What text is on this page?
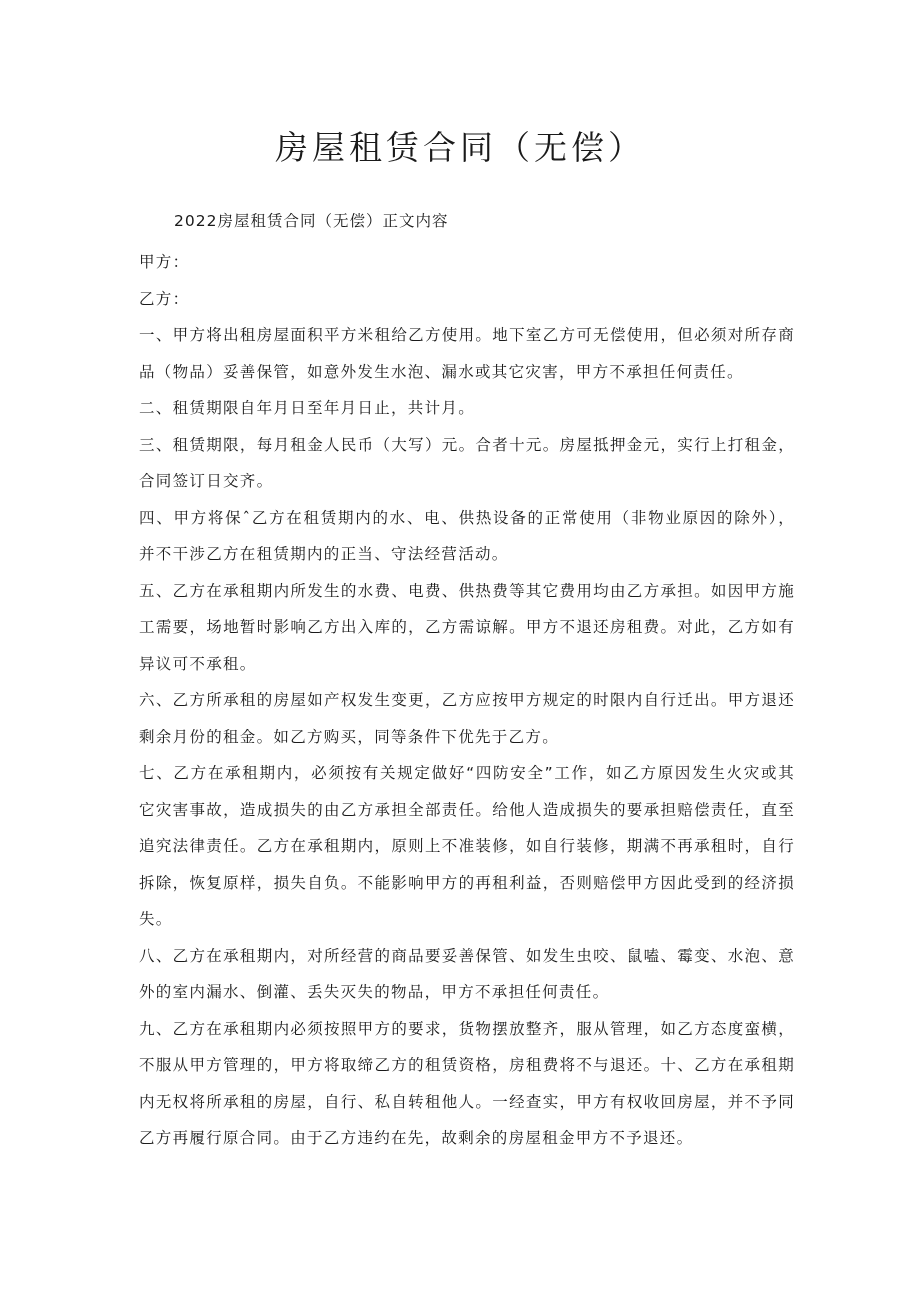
房屋租赁合同（无偿）

2022房屋租赁合同（无偿）正文内容

甲方：

乙方：

一、甲方将出租房屋面积平方米租给乙方使用。地下室乙方可无偿使用，但必须对所存商品（物品）妥善保管，如意外发生水泡、漏水或其它灾害，甲方不承担任何责任。

二、租赁期限自年月日至年月日止，共计月。

三、租赁期限，每月租金人民币（大写）元。合者十元。房屋抵押金元，实行上打租金，合同签订日交齐。

四、甲方将保ˆ乙方在租赁期内的水、电、供热设备的正常使用（非物业原因的除外），并不干涉乙方在租赁期内的正当、守法经营活动。

五、乙方在承租期内所发生的水费、电费、供热费等其它费用均由乙方承担。如因甲方施工需要，场地暂时影响乙方出入库的，乙方需谅解。甲方不退还房租费。对此，乙方如有异议可不承租。

六、乙方所承租的房屋如产权发生变更，乙方应按甲方规定的时限内自行迁出。甲方退还剩余月份的租金。如乙方购买，同等条件下优先于乙方。

七、乙方在承租期内，必须按有关规定做好“四防安全”工作，如乙方原因发生火灾或其它灾害事故，造成损失的由乙方承担全部责任。给他人造成损失的要承担赔偿责任，直至追究法律责任。乙方在承租期内，原则上不准装修，如自行装修，期满不再承租时，自行拆除，恢复原样，损失自负。不能影响甲方的再租利益，否则赔偿甲方因此受到的经济损失。

八、乙方在承租期内，对所经营的商品要妥善保管、如发生虫咬、鼠嗑、霉变、水泡、意外的室内漏水、倒灌、丢失灭失的物品，甲方不承担任何责任。

九、乙方在承租期内必须按照甲方的要求，货物摆放整齐，服从管理，如乙方态度蛮横，不服从甲方管理的，甲方将取缔乙方的租赁资格，房租费将不与退还。十、乙方在承租期内无权将所承租的房屋，自行、私自转租他人。一经查实，甲方有权收回房屋，并不予同乙方再履行原合同。由于乙方违约在先，故剩余的房屋租金甲方不予退还。
